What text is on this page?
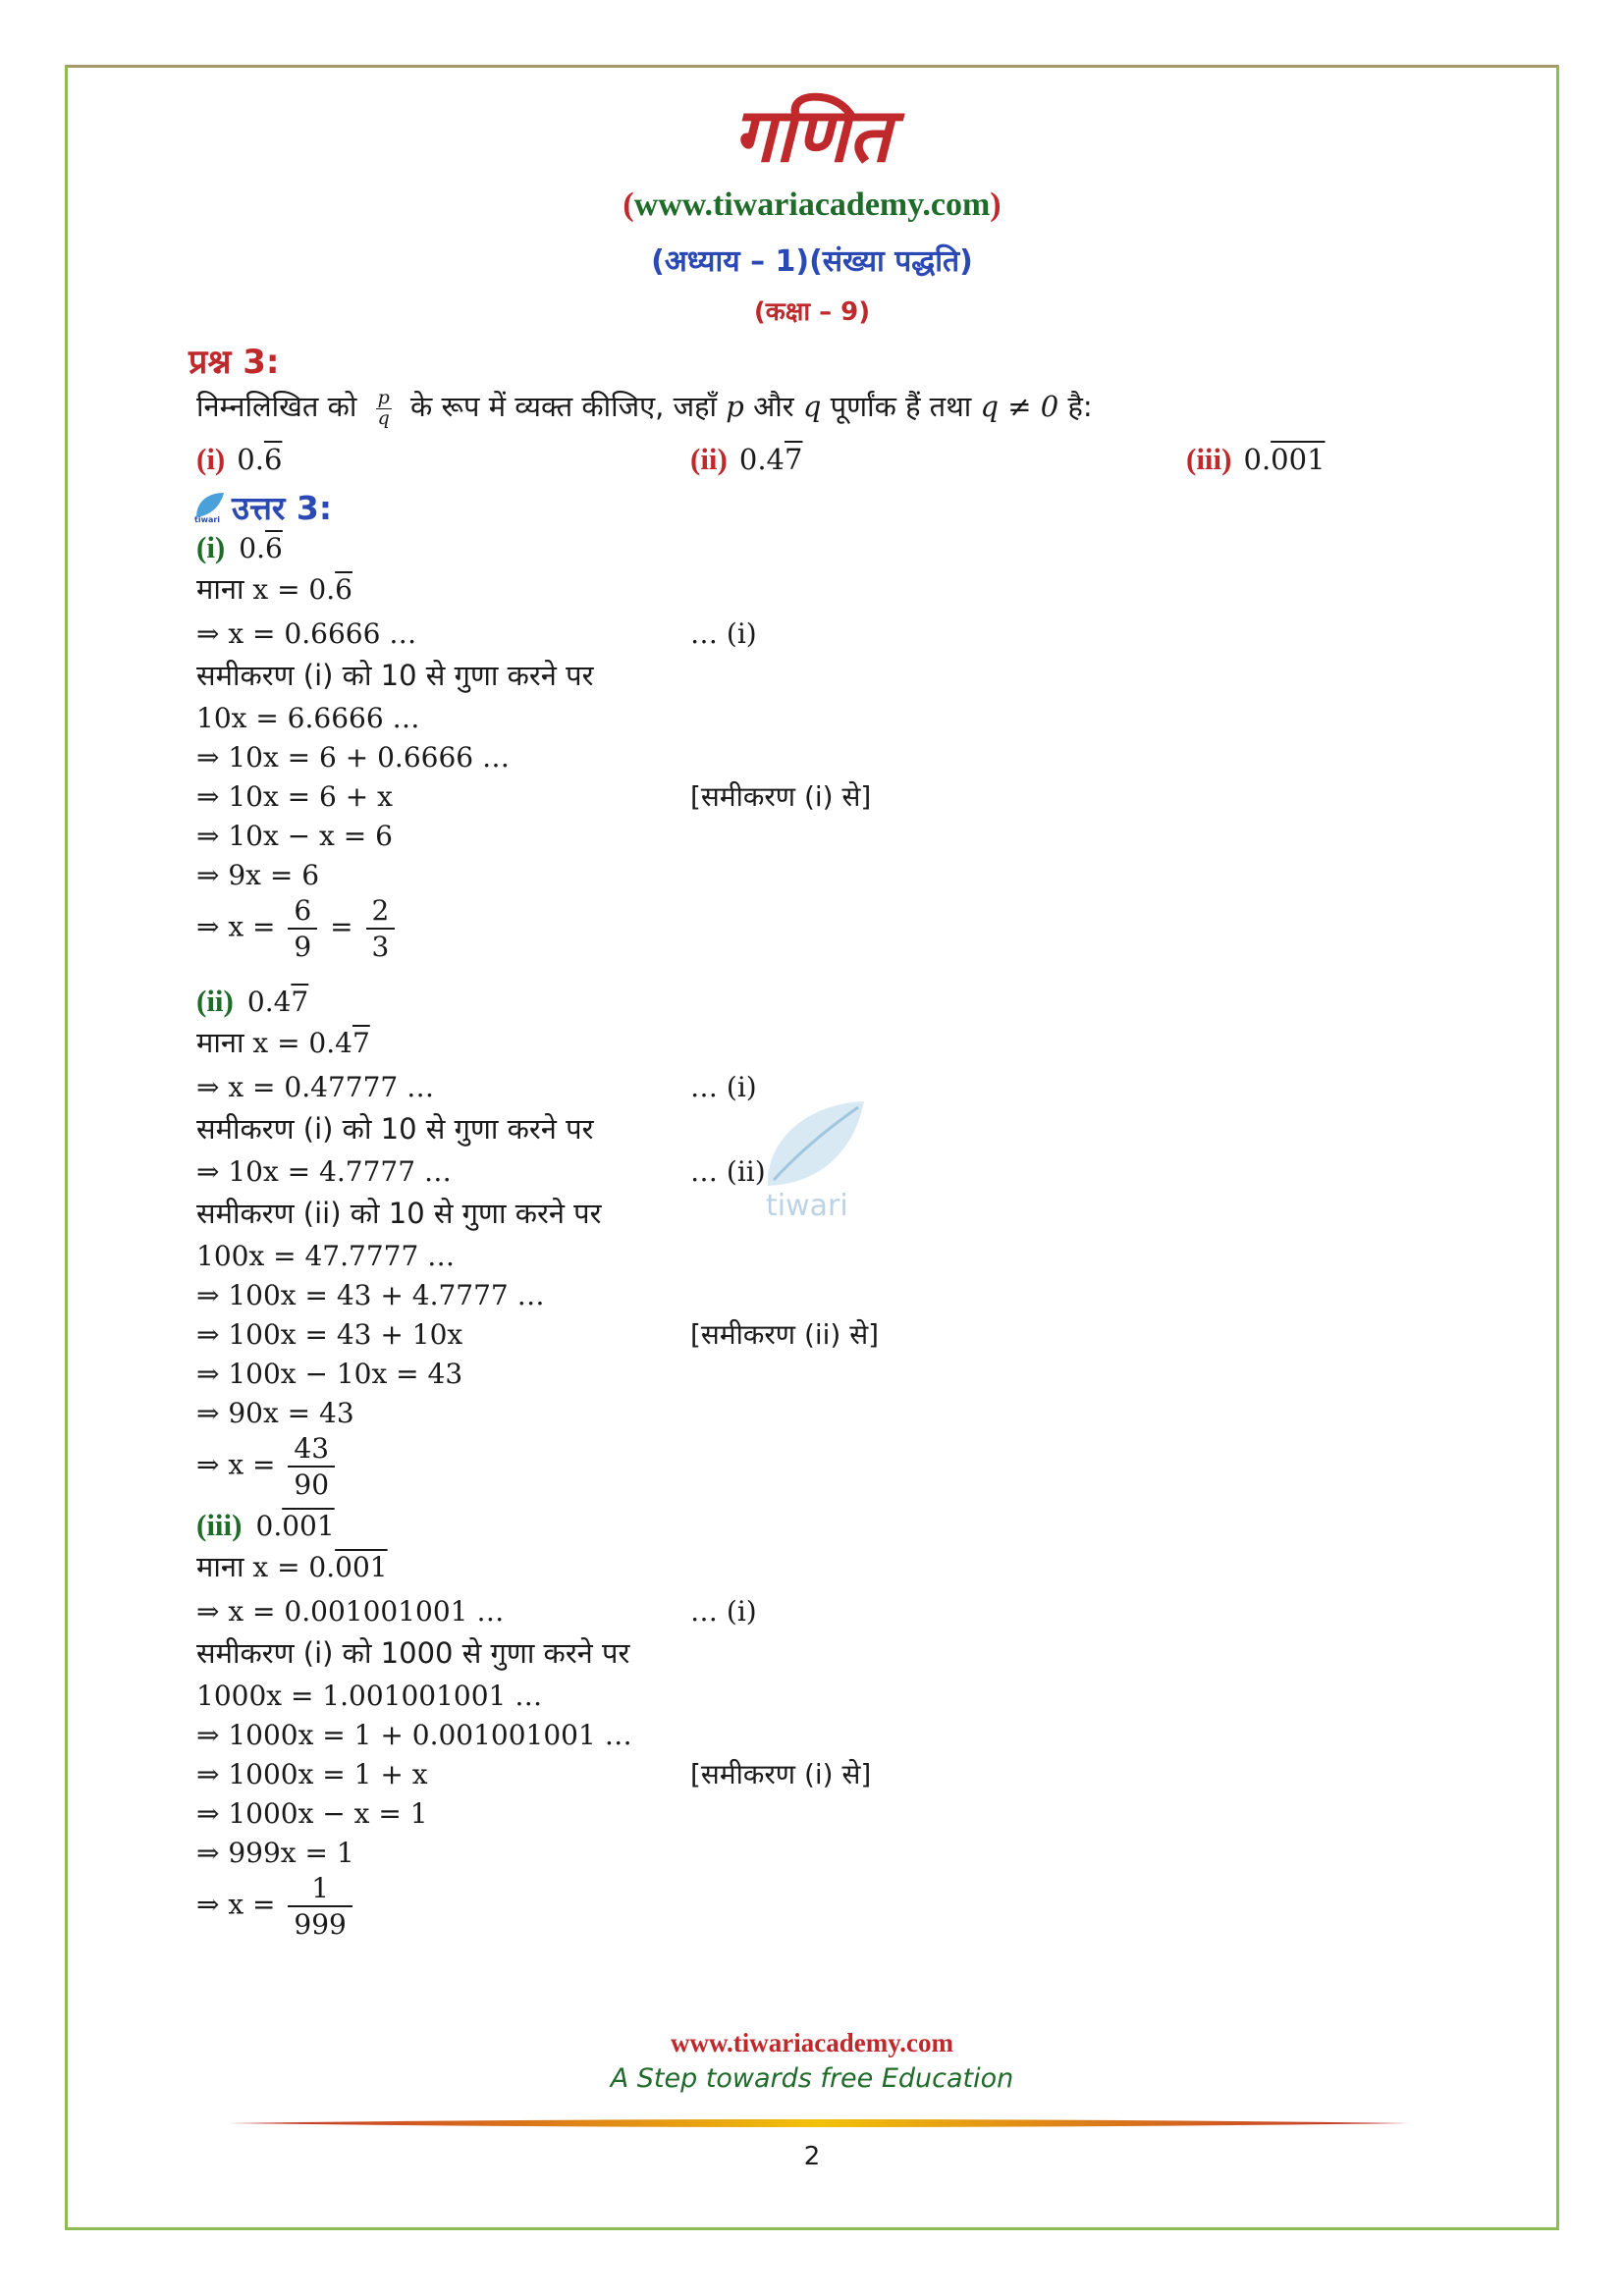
गणित
(www.tiwariacademy.com)
(अध्याय – 1)(संख्या पद्धति)
(कक्षा – 9)
प्रश्न 3:
निम्नलिखित को $\frac{p}{q}$ के रूप में व्यक्त कीजिए, जहाँ p और q पूर्णांक हैं तथा q ≠ 0 है:
(i) 0.6	(ii) 0.47	(iii) 0.001
tiwari उत्तर 3:
(i) 0.6
माना x = 0.6
⇒ x = 0.6666 …	… (i)
समीकरण (i) को 10 से गुणा करने पर
10x = 6.6666 …
⇒ 10x = 6 + 0.6666 …
⇒ 10x = 6 + x	[समीकरण (i) से]
⇒ 10x − x = 6
⇒ 9x = 6
⇒ $x = \frac{6}{9} = \frac{2}{3}$
(ii) 0.47
माना x = 0.47
⇒ x = 0.47777 …	… (i)
समीकरण (i) को 10 से गुणा करने पर
⇒ 10x = 4.7777 …	… (ii)
समीकरण (ii) को 10 से गुणा करने पर
100x = 47.7777 …
⇒ 100x = 43 + 4.7777 …
⇒ 100x = 43 + 10x	[समीकरण (ii) से]
⇒ 100x − 10x = 43
⇒ 90x = 43
⇒ $x = \frac{43}{90}$
(iii) 0.001
माना x = 0.001
⇒ x = 0.001001001 …	… (i)
समीकरण (i) को 1000 से गुणा करने पर
1000x = 1.001001001 …
⇒ 1000x = 1 + 0.001001001 …
⇒ 1000x = 1 + x	[समीकरण (i) से]
⇒ 1000x − x = 1
⇒ 999x = 1
⇒ $x = \frac{1}{999}$
tiwari
www.tiwariacademy.com
A Step towards free Education
2
